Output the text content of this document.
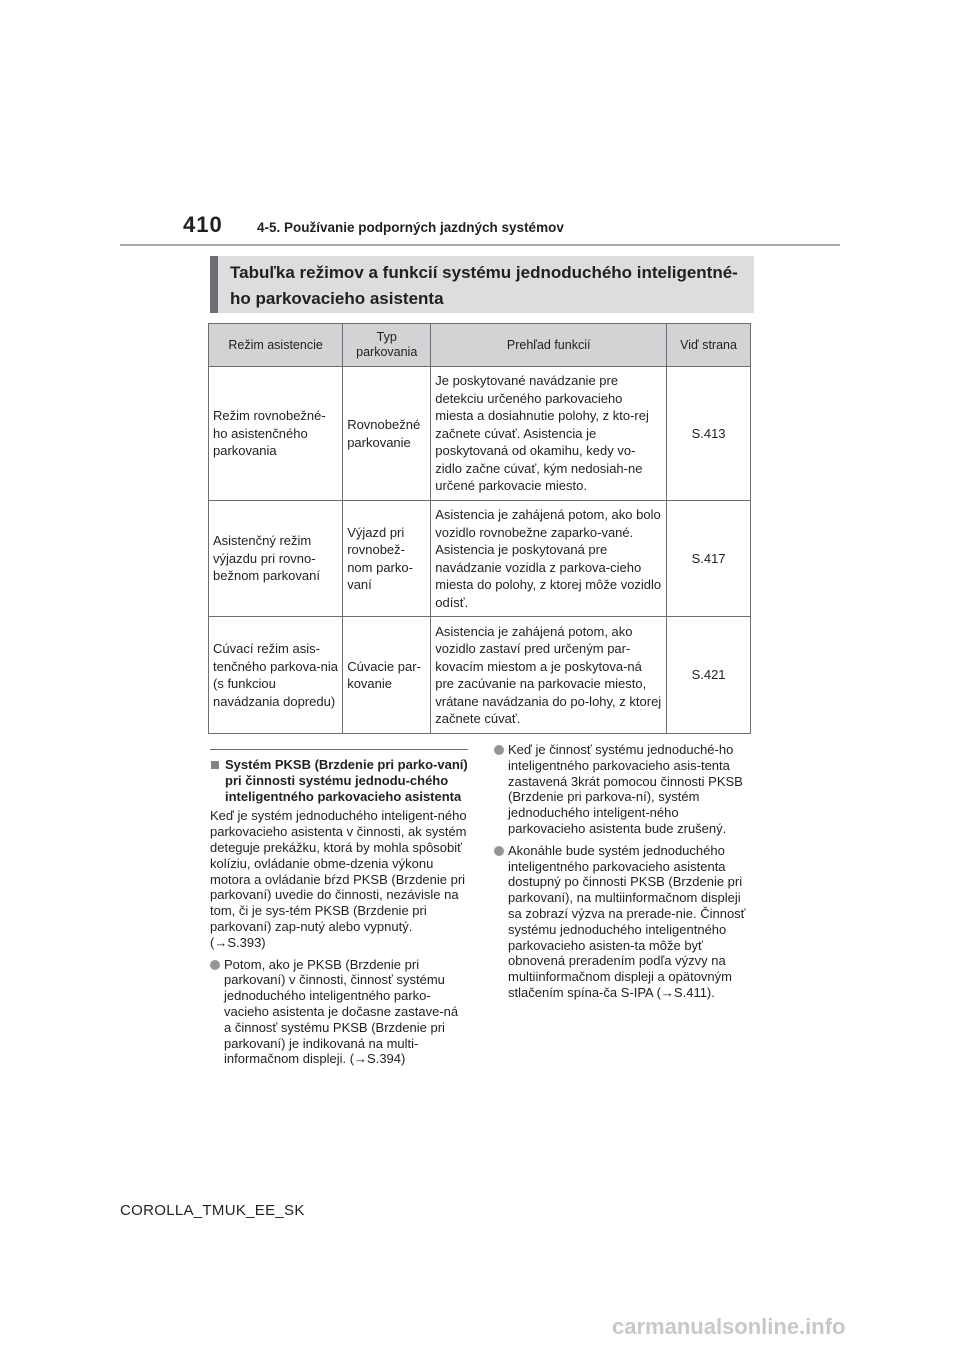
410	4-5. Používanie podporných jazdných systémov
Tabuľka režimov a funkcií systému jednoduchého inteligentné-ho parkovacieho asistenta
Režim asistencie	Typ parkovania	Prehľad funkcií	Viď strana
Režim rovnobežné-ho asistenčného parkovania	Rovnobežné parkovanie	Je poskytované navádzanie pre detekciu určeného parkovacieho miesta a dosiahnutie polohy, z kto-rej začnete cúvať. Asistencia je poskytovaná od okamihu, kedy vo-zidlo začne cúvať, kým nedosiah-ne určené parkovacie miesto.	S.413
Asistenčný režim výjazdu pri rovno-bežnom parkovaní	Výjazd pri rovnobež-nom parko-vaní	Asistencia je zahájená potom, ako bolo vozidlo rovnobežne zaparko-vané. Asistencia je poskytovaná pre navádzanie vozidla z parkova-cieho miesta do polohy, z ktorej môže vozidlo odísť.	S.417
Cúvací režim asis-tenčného parkova-nia (s funkciou navádzania dopredu)	Cúvacie par-kovanie	Asistencia je zahájená potom, ako vozidlo zastaví pred určeným par-kovacím miestom a je poskytova-ná pre zacúvanie na parkovacie miesto, vrátane navádzania do po-lohy, z ktorej začnete cúvať.	S.421
Systém PKSB (Brzdenie pri parko-vaní) pri činnosti systému jednodu-chého inteligentného parkovacieho asistenta

Keď je systém jednoduchého inteligent-ného parkovacieho asistenta v činnosti, ak systém deteguje prekážku, ktorá by mohla spôsobiť kolíziu, ovládanie obme-dzenia výkonu motora a ovládanie bŕzd PKSB (Brzdenie pri parkovaní) uvedie do činnosti, nezávisle na tom, či je sys-tém PKSB (Brzdenie pri parkovaní) zap-nutý alebo vypnutý. (→S.393)

Potom, ako je PKSB (Brzdenie pri parkovaní) v činnosti, činnosť systému jednoduchého inteligentného parko-vacieho asistenta je dočasne zastave-ná a činnosť systému PKSB (Brzdenie pri parkovaní) je indikovaná na multi-informačnom displeji. (→S.394)
Keď je činnosť systému jednoduché-ho inteligentného parkovacieho asis-tenta zastavená 3krát pomocou činnosti PKSB (Brzdenie pri parkova-ní), systém jednoduchého inteligent-ného parkovacieho asistenta bude zrušený.
Akonáhle bude systém jednoduchého inteligentného parkovacieho asistenta dostupný po činnosti PKSB (Brzdenie pri parkovaní), na multiinformačnom displeji sa zobrazí výzva na prerade-nie. Činnosť systému jednoduchého inteligentného parkovacieho asisten-ta môže byť obnovená preradením podľa výzvy na multiinformačnom displeji a opätovným stlačením spína-ča S-IPA (→S.411).
COROLLA_TMUK_EE_SK
carmanualsonline.info
